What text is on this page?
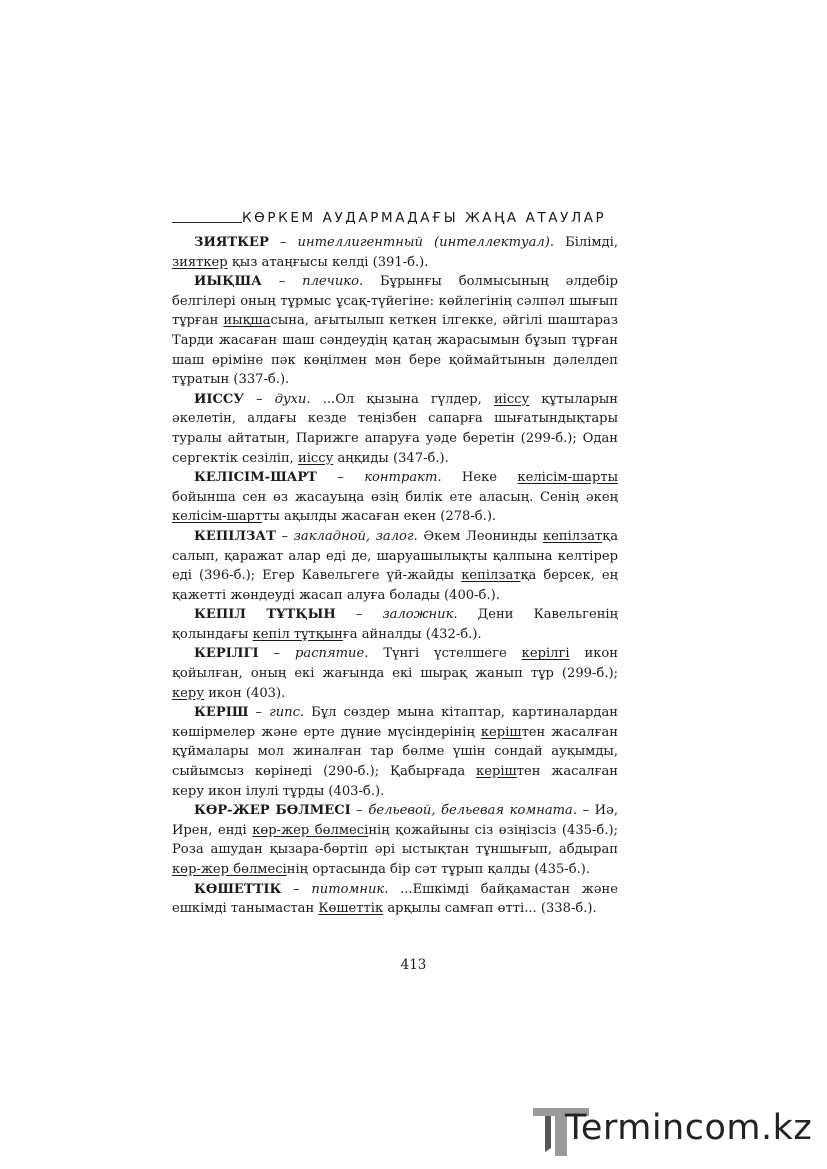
КӨРКЕМ АУДАРМАДАҒЫ ЖАҢА АТАУЛАР

ЗИЯТКЕР – интеллигентный (интеллектуал). Білімді, зияткер қыз атаңғысы келді (391-б.).

ИЫҚША – плечико. Бұрынғы болмысының әлдебір белгілері оның тұрмыс ұсақ-түйегіне: көйлегінің сәлпәл шығып тұрған иықшасына, ағытылып кеткен ілгекке, әйгілі шаштараз Тарди жасаған шаш сәндеудің қатаң жарасымын бұзып тұрған шаш өріміне пәк көңілмен мән бере қоймайтынын дәлелдеп тұратын (337-б.).

ИІССУ – духи. ...Ол қызына гүлдер, иіссу құтыларын әкелетін, алдағы кезде теңізбен сапарға шығатындықтары туралы айтатын, Парижге апаруға уәде беретін (299-б.); Одан сергектік сезіліп, иіссу аңқиды (347-б.).

КЕЛІСІМ-ШАРТ – контракт. Неке келісім-шарты бойынша сен өз жасауыңа өзің билік ете аласың. Сенің әкең келісім-шартты ақылды жасаған екен (278-б.).

КЕПІЛЗАТ – закладной, залог. Әкем Леонинды кепілзатқа салып, қаражат алар еді де, шаруашылықты қалпына келтірер еді (396-б.); Егер Кавельгеге үй-жайды кепілзатқа берсек, ең қажетті жөндеуді жасап алуға болады (400-б.).

КЕПІЛ ТҰТҚЫН – заложник. Дени Кавельгенің қолындағы кепіл тұтқынға айналды (432-б.).

КЕРІЛГІ – распятие. Түнгі үстелшеге керілгі икон қойылған, оның екі жағында екі шырақ жанып тұр (299-б.); керу икон (403).

КЕРІШ – гипс. Бұл сөздер мына кітаптар, картиналардан көшірмелер және ерте дүние мүсіндерінің керіштен жасалған құймалары мол жиналған тар бөлме үшін сондай ауқымды, сыйымсыз көрінеді (290-б.); Қабырғада керіштен жасалған керу икон ілулі тұрды (403-б.).

КӨР-ЖЕР БӨЛМЕСІ – бельевой, бельевая комната. – Иә, Ирен, енді көр-жер бөлмесінің қожайыны сіз өзіңізсіз (435-б.); Роза ашудан қызара-бөртіп әрі ыстықтан тұншығып, абдырап көр-жер бөлмесінің ортасында бір сәт тұрып қалды (435-б.).

КӨШЕТТІК – питомник. ...Ешкімді байқамастан және ешкімді танымастан Көшеттік арқылы самғап өтті... (338-б.).

413
Termincom.kz
